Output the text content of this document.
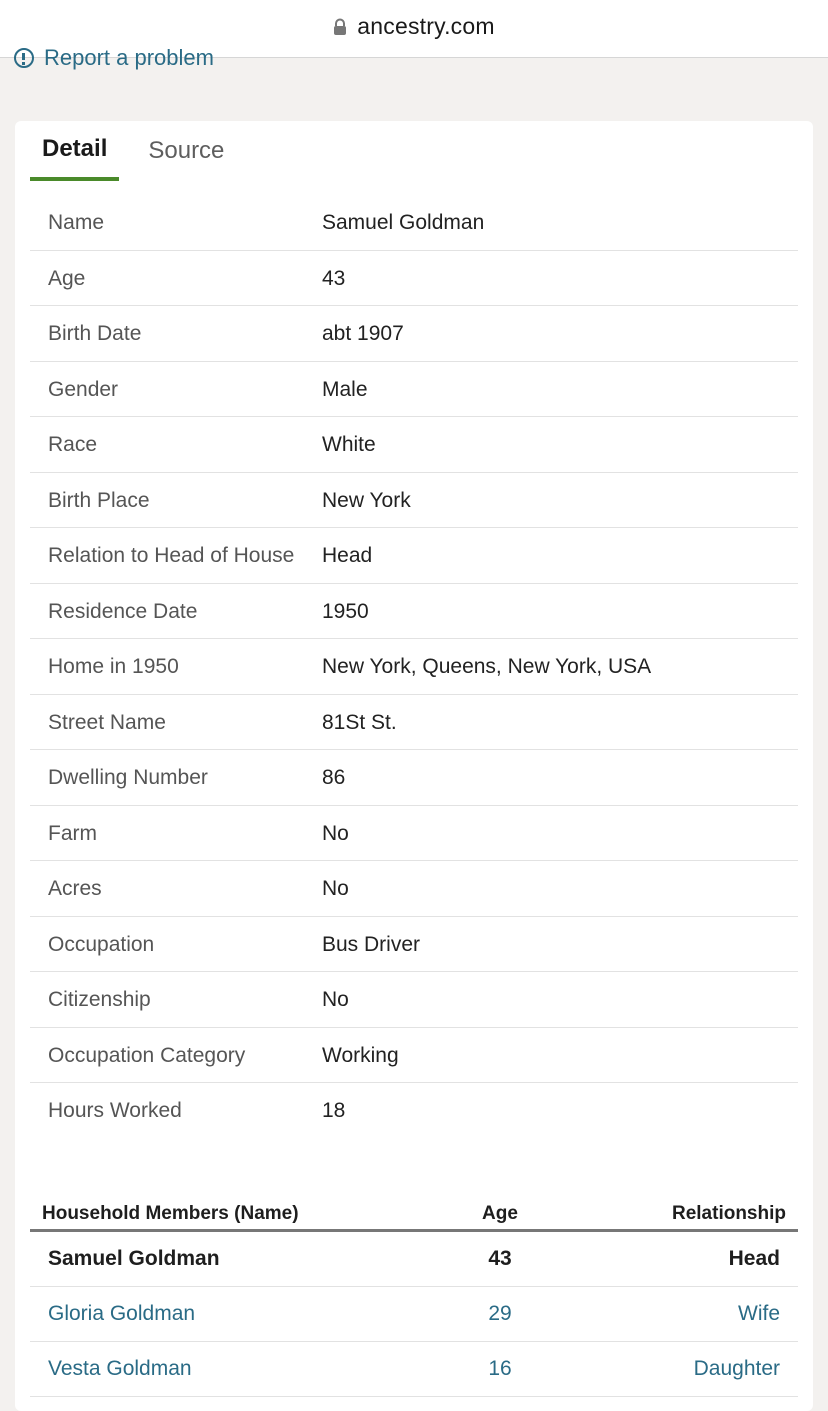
ancestry.com
Report a problem
Detail	Source
Name	Samuel Goldman
Age	43
Birth Date	abt 1907
Gender	Male
Race	White
Birth Place	New York
Relation to Head of House	Head
Residence Date	1950
Home in 1950	New York, Queens, New York, USA
Street Name	81St St.
Dwelling Number	86
Farm	No
Acres	No
Occupation	Bus Driver
Citizenship	No
Occupation Category	Working
Hours Worked	18
Household Members (Name)	Age	Relationship
Samuel Goldman	43	Head
Gloria Goldman	29	Wife
Vesta Goldman	16	Daughter
